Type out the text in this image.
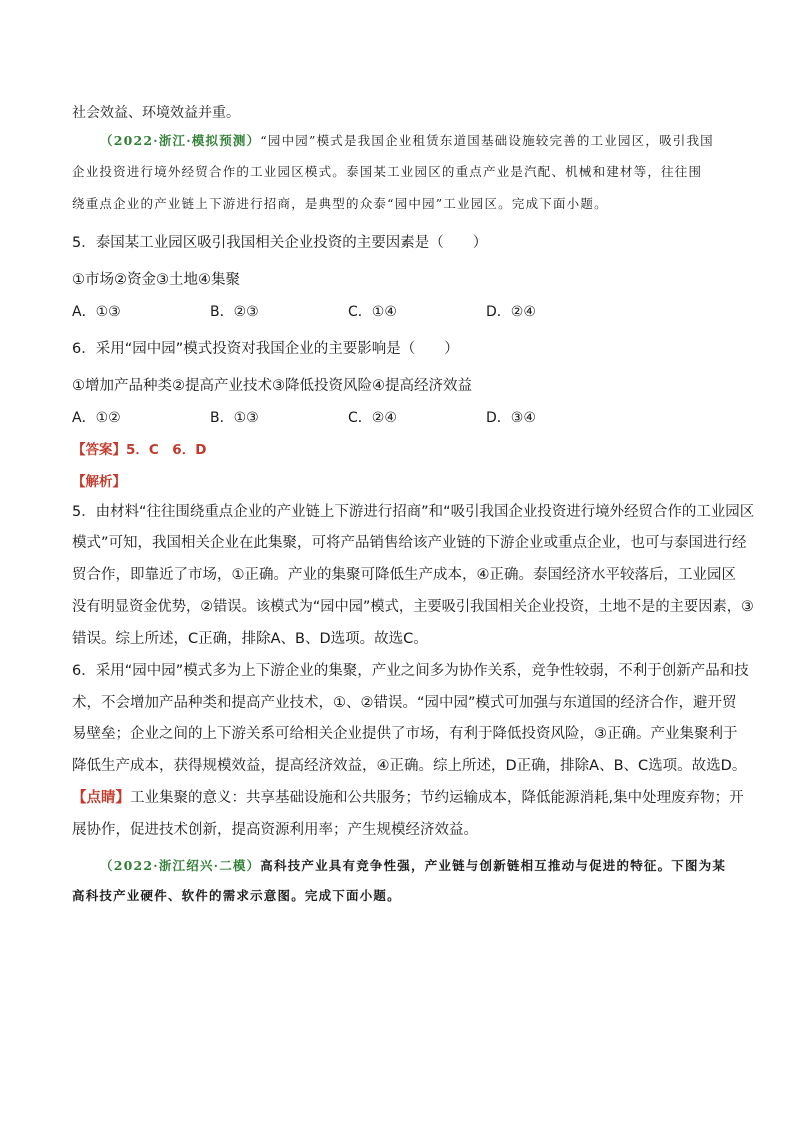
社会效益、环境效益并重。
（2022·浙江·模拟预测）“园中园”模式是我国企业租赁东道国基础设施较完善的工业园区，吸引我国
企业投资进行境外经贸合作的工业园区模式。泰国某工业园区的重点产业是汽配、机械和建材等，往往围
绕重点企业的产业链上下游进行招商，是典型的众泰“园中园”工业园区。完成下面小题。
5．泰国某工业园区吸引我国相关企业投资的主要因素是（　　）
①市场②资金③土地④集聚
A．①③	B．②③	C．①④	D．②④
6．采用“园中园”模式投资对我国企业的主要影响是（　　）
①增加产品种类②提高产业技术③降低投资风险④提高经济效益
A．①②	B．①③	C．②④	D．③④
【答案】5．C　6．D
【解析】
5．由材料“往往围绕重点企业的产业链上下游进行招商”和“吸引我国企业投资进行境外经贸合作的工业园区
模式”可知，我国相关企业在此集聚，可将产品销售给该产业链的下游企业或重点企业，也可与泰国进行经
贸合作，即靠近了市场，①正确。产业的集聚可降低生产成本，④正确。泰国经济水平较落后，工业园区
没有明显资金优势，②错误。该模式为“园中园”模式，主要吸引我国相关企业投资，土地不是的主要因素，③
错误。综上所述，C正确，排除A、B、D选项。故选C。
6．采用“园中园”模式多为上下游企业的集聚，产业之间多为协作关系，竞争性较弱，不利于创新产品和技
术，不会增加产品种类和提高产业技术，①、②错误。“园中园”模式可加强与东道国的经济合作，避开贸
易壁垒；企业之间的上下游关系可给相关企业提供了市场，有利于降低投资风险，③正确。产业集聚利于
降低生产成本，获得规模效益，提高经济效益，④正确。综上所述，D正确，排除A、B、C选项。故选D。
【点睛】工业集聚的意义：共享基础设施和公共服务；节约运输成本，降低能源消耗,集中处理废弃物；开
展协作，促进技术创新，提高资源利用率；产生规模经济效益。
（2022·浙江绍兴·二模）高科技产业具有竞争性强，产业链与创新链相互推动与促进的特征。下图为某
高科技产业硬件、软件的需求示意图。完成下面小题。
